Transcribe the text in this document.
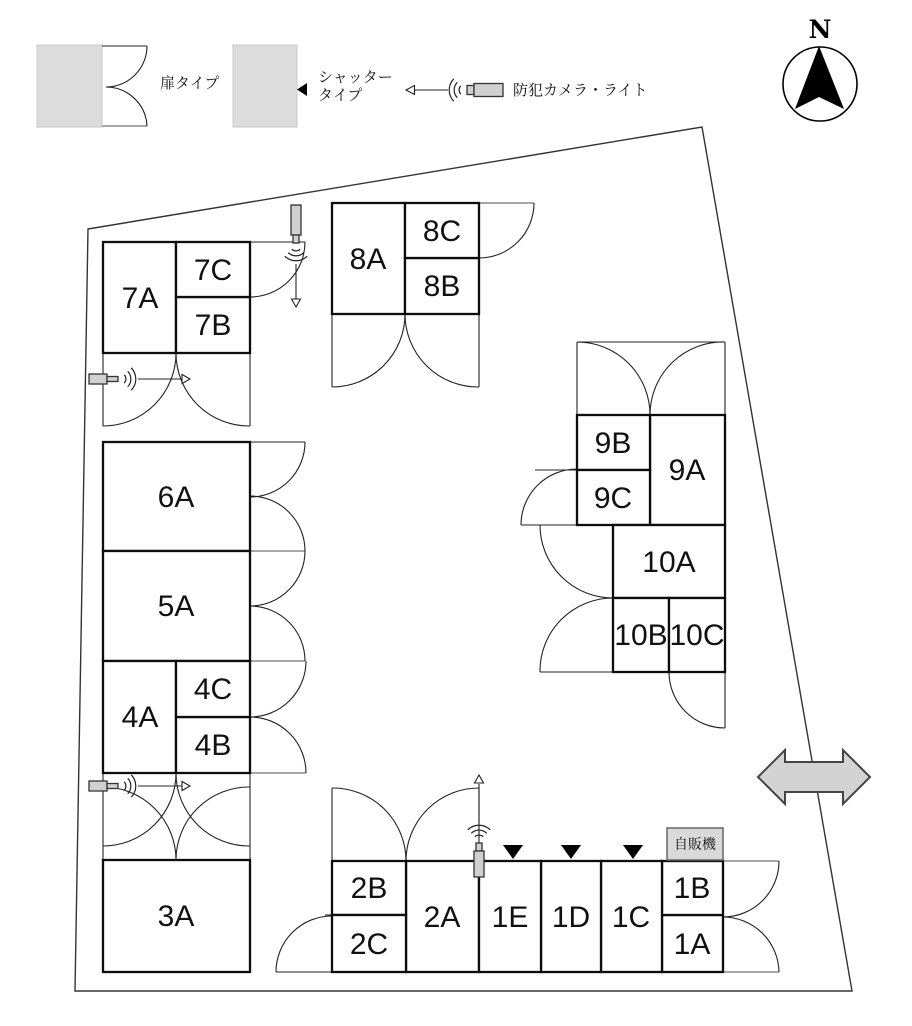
扉タイプ	シャッター
タイプ	防犯カメラ・ライト
N
7A
7B
7C	8A
8B
8C
9A
9B
9C
10A
10B 10C
6A
5A
4A
4B
4C
3A	2A
2B
2C	1A
1B
1C
1D
1E
自販機
